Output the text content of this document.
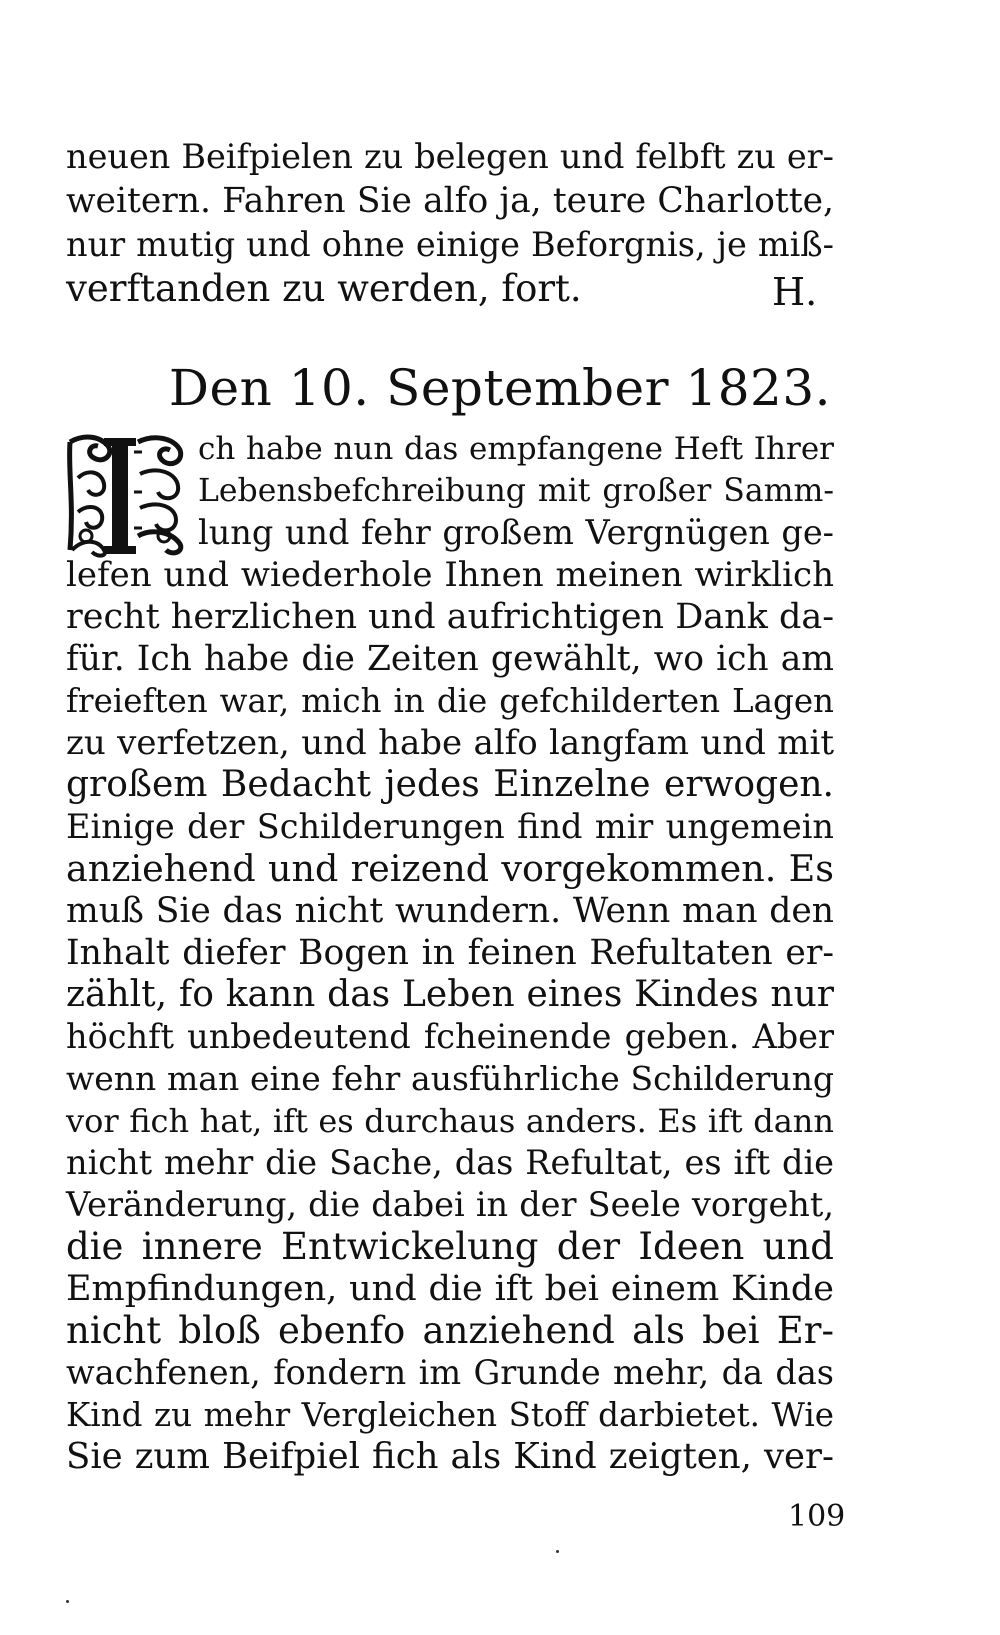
neuen Beifpielen zu belegen und felbft zu er-
weitern. Fahren Sie alfo ja, teure Charlotte,
nur mutig und ohne einige Beforgnis, je miß-
verftanden zu werden, fort.	H.
Den 10. September 1823.
ch habe nun das empfangene Heft Ihrer
Lebensbefchreibung mit großer Samm-
lung und fehr großem Vergnügen ge-
lefen und wiederhole Ihnen meinen wirklich
recht herzlichen und aufrichtigen Dank da-
für. Ich habe die Zeiten gewählt, wo ich am
freieften war, mich in die gefchilderten Lagen
zu verfetzen, und habe alfo langfam und mit
großem Bedacht jedes Einzelne erwogen.
Einige der Schilderungen find mir ungemein
anziehend und reizend vorgekommen. Es
muß Sie das nicht wundern. Wenn man den
Inhalt diefer Bogen in feinen Refultaten er-
zählt, fo kann das Leben eines Kindes nur
höchft unbedeutend fcheinende geben. Aber
wenn man eine fehr ausführliche Schilderung
vor fich hat, ift es durchaus anders. Es ift dann
nicht mehr die Sache, das Refultat, es ift die
Veränderung, die dabei in der Seele vorgeht,
die innere Entwickelung der Ideen und
Empfindungen, und die ift bei einem Kinde
nicht bloß ebenfo anziehend als bei Er-
wachfenen, fondern im Grunde mehr, da das
Kind zu mehr Vergleichen Stoff darbietet. Wie
Sie zum Beifpiel fich als Kind zeigten, ver-
109
